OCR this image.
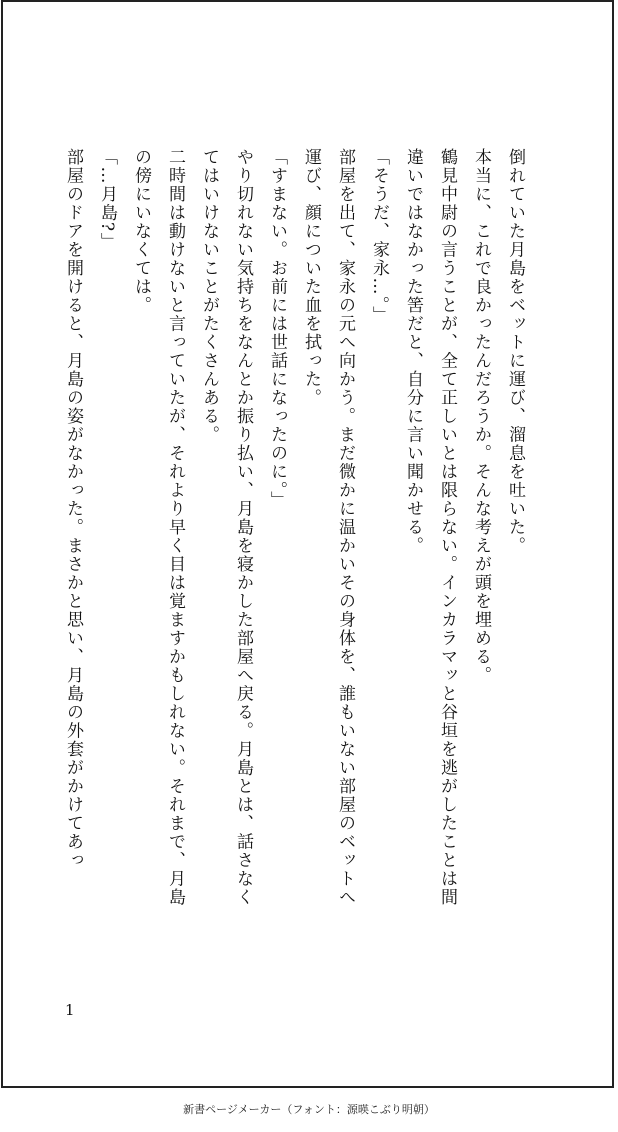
倒れていた月島をベットに運び、溜息を吐いた。

本当に、これで良かったんだろうか。そんな考えが頭を埋める。

鶴見中尉の言うことが、全て正しいとは限らない。インカラマッと谷垣を逃がしたことは間違いではなかった筈だと、自分に言い聞かせる。

「そうだ、家永…。」

部屋を出て、家永の元へ向かう。まだ微かに温かいその身体を、誰もいない部屋のベットへ運び、顔についた血を拭った。

「すまない。お前には世話になったのに。」

やり切れない気持ちをなんとか振り払い、月島を寝かした部屋へ戻る。月島とは、話さなくてはいけないことがたくさんある。

二時間は動けないと言っていたが、それより早く目は覚ますかもしれない。それまで、月島の傍にいなくては。

「…月島?」

部屋のドアを開けると、月島の姿がなかった。まさかと思い、月島の外套がかけてあっ

1
新書ページメーカー（フォント：源暎こぶり明朝）
